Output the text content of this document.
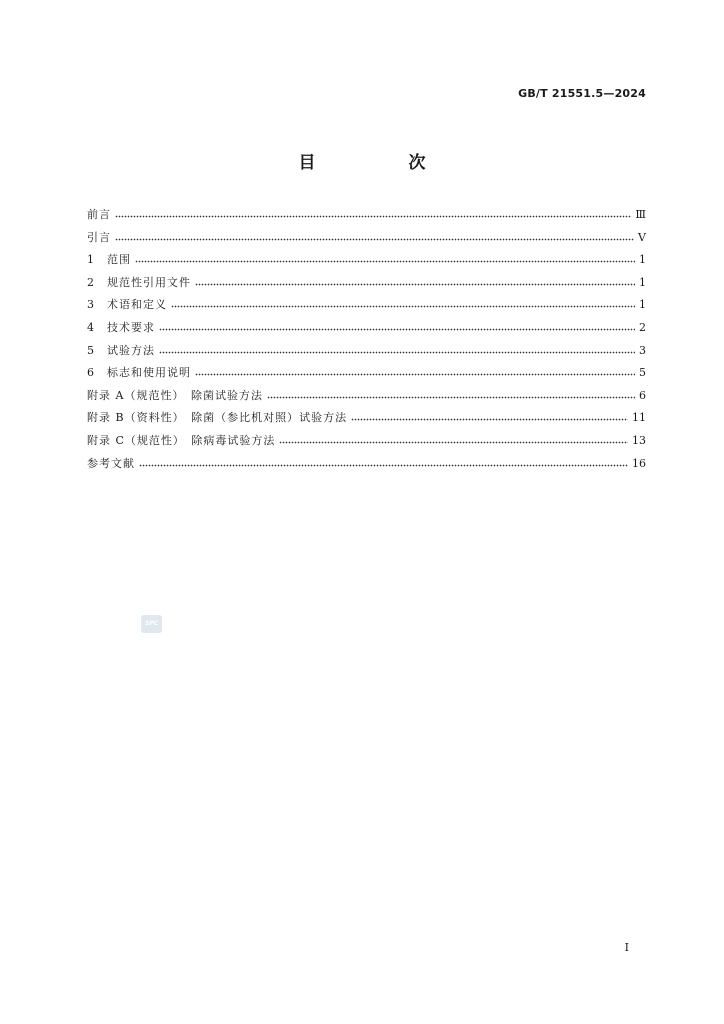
GB/T 21551.5—2024
目　次
前言	Ⅲ
引言	Ⅴ
1　范围	1
2　规范性引用文件	1
3　术语和定义	1
4　技术要求	2
5　试验方法	3
6　标志和使用说明	5
附录 A（规范性）　除菌试验方法	6
附录 B（资料性）　除菌（参比机对照）试验方法	11
附录 C（规范性）　除病毒试验方法	13
参考文献	16
SPC
I
